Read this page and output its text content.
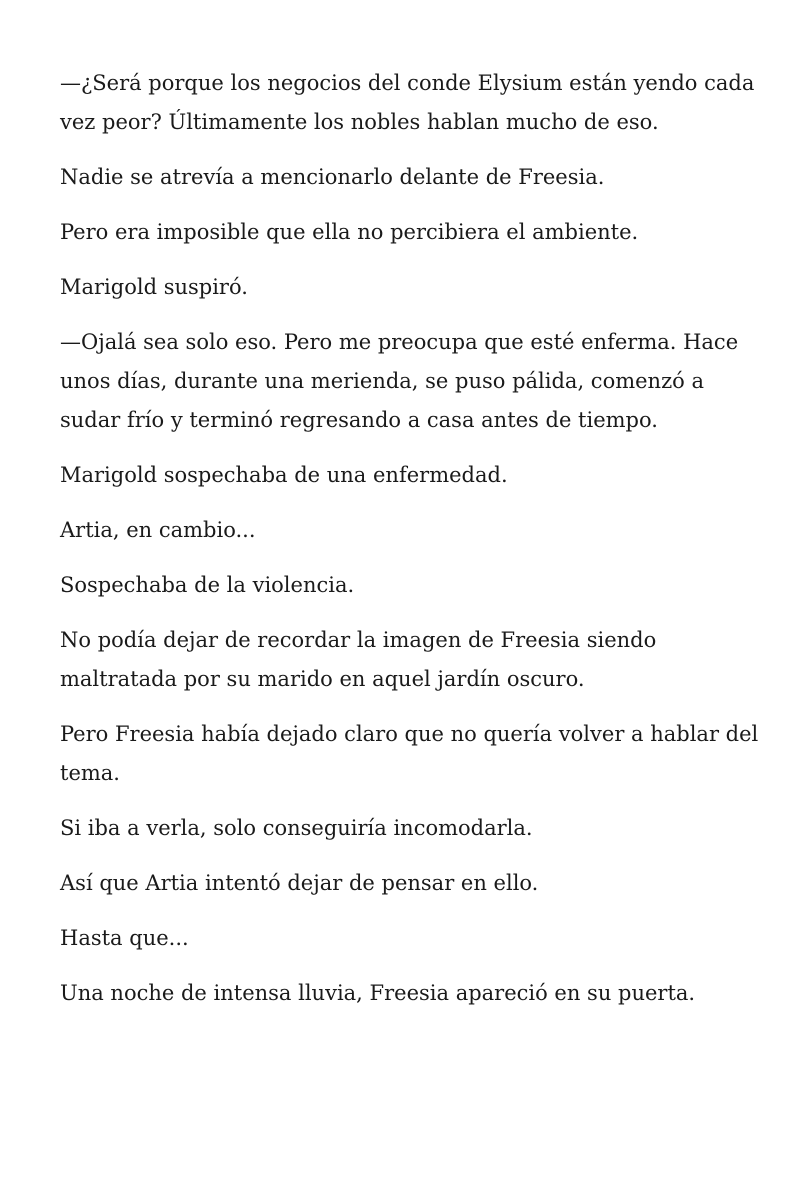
—¿Será porque los negocios del conde Elysium están yendo cada vez peor? Últimamente los nobles hablan mucho de eso.

Nadie se atrevía a mencionarlo delante de Freesia.

Pero era imposible que ella no percibiera el ambiente.

Marigold suspiró.

—Ojalá sea solo eso. Pero me preocupa que esté enferma. Hace unos días, durante una merienda, se puso pálida, comenzó a sudar frío y terminó regresando a casa antes de tiempo.

Marigold sospechaba de una enfermedad.

Artia, en cambio...

Sospechaba de la violencia.

No podía dejar de recordar la imagen de Freesia siendo maltratada por su marido en aquel jardín oscuro.

Pero Freesia había dejado claro que no quería volver a hablar del tema.

Si iba a verla, solo conseguiría incomodarla.

Así que Artia intentó dejar de pensar en ello.

Hasta que...

Una noche de intensa lluvia, Freesia apareció en su puerta.
